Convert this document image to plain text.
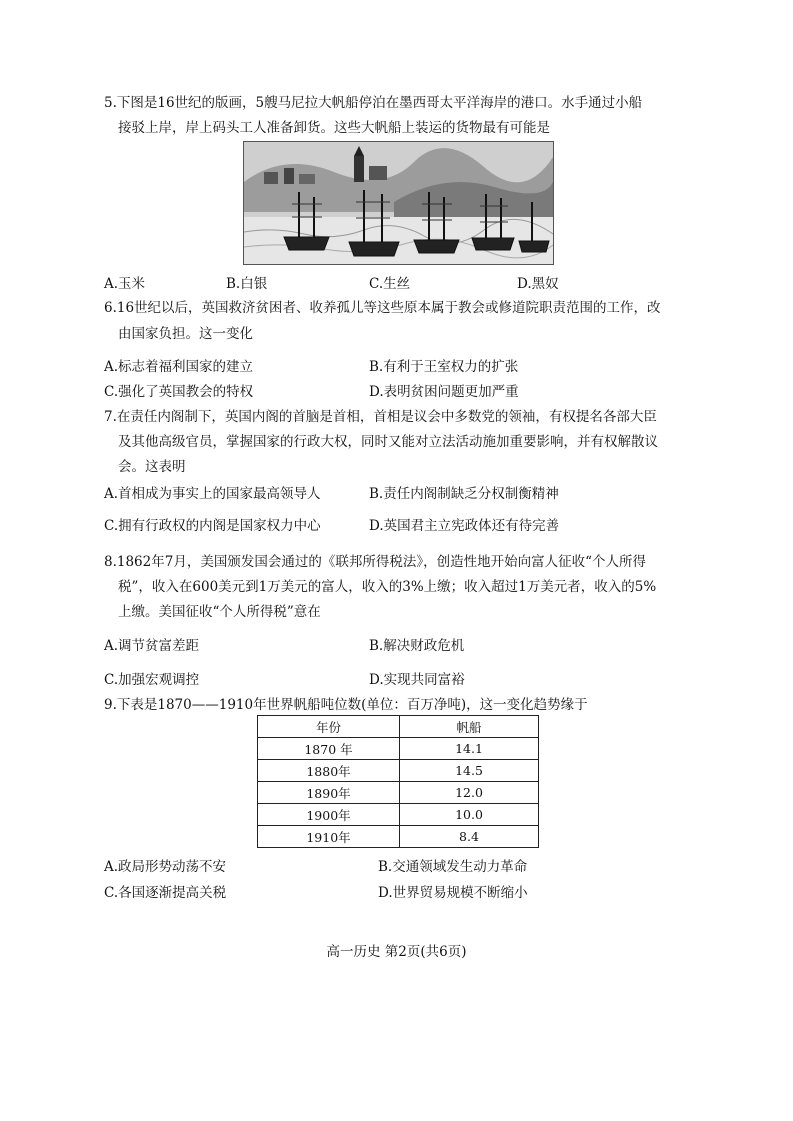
5.下图是16世纪的版画，5艘马尼拉大帆船停泊在墨西哥太平洋海岸的港口。水手通过小船
接驳上岸，岸上码头工人准备卸货。这些大帆船上装运的货物最有可能是
A.玉米	B.白银	C.生丝	D.黑奴
6.16世纪以后，英国救济贫困者、收养孤儿等这些原本属于教会或修道院职责范围的工作，改
由国家负担。这一变化
A.标志着福利国家的建立	B.有利于王室权力的扩张
C.强化了英国教会的特权	D.表明贫困问题更加严重
7.在责任内阁制下，英国内阁的首脑是首相，首相是议会中多数党的领袖，有权提名各部大臣
及其他高级官员，掌握国家的行政大权，同时又能对立法活动施加重要影响，并有权解散议
会。这表明
A.首相成为事实上的国家最高领导人	B.责任内阁制缺乏分权制衡精神
C.拥有行政权的内阁是国家权力中心	D.英国君主立宪政体还有待完善
8.1862年7月，美国颁发国会通过的《联邦所得税法》，创造性地开始向富人征收“个人所得
税”，收入在600美元到1万美元的富人，收入的3%上缴；收入超过1万美元者，收入的5%
上缴。美国征收“个人所得税”意在
A.调节贫富差距	B.解决财政危机
C.加强宏观调控	D.实现共同富裕
9.下表是1870——1910年世界帆船吨位数(单位：百万净吨)，这一变化趋势缘于
年份	帆船
1870 年	14.1
1880年	14.5
1890年	12.0
1900年	10.0
1910年	8.4
A.政局形势动荡不安	B.交通领域发生动力革命
C.各国逐渐提高关税	D.世界贸易规模不断缩小
高一历史 第2页(共6页)
